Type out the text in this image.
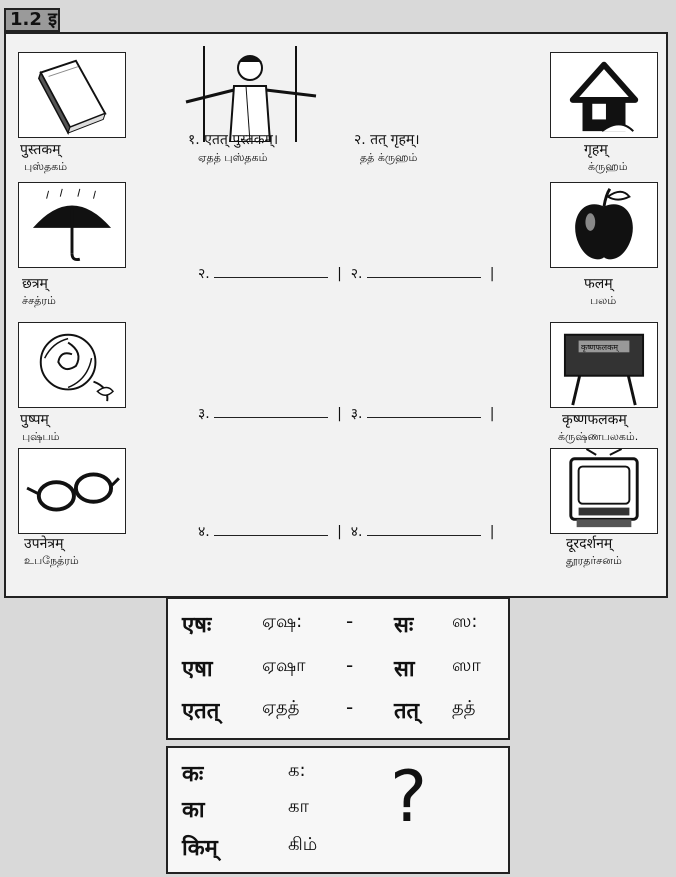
1.2 इ
पुस्तकम्
புஸ்தகம்
१. एतत् पुस्तकम्।
ஏதத் புஸ்தகம்
२. तत् गृहम्।
தத் க்ருஹம்	गृहम्
க்ருஹம்
छत्रम्
ச்சத்ரம்
फलम्
பலம்
पुष्पम्
புஷ்பம்
कृष्णफलकम्
कृष्णफलकम्
க்ருஷ்ணபலகம்.
उपनेत्रम्
உபநேத்ரம்
दूरदर्शनम्
தூரதர்சனம்
२.	|  २.	|
३.	|  ३.	|
४.	|  ४.	|
एषः	ஏஷ: - सः ஸ:
एषा	ஏஷா - सा ஸா
एतत् ஏதத் - तत् தத்
कः	க:
का	கா
किम्	கிம்
?
